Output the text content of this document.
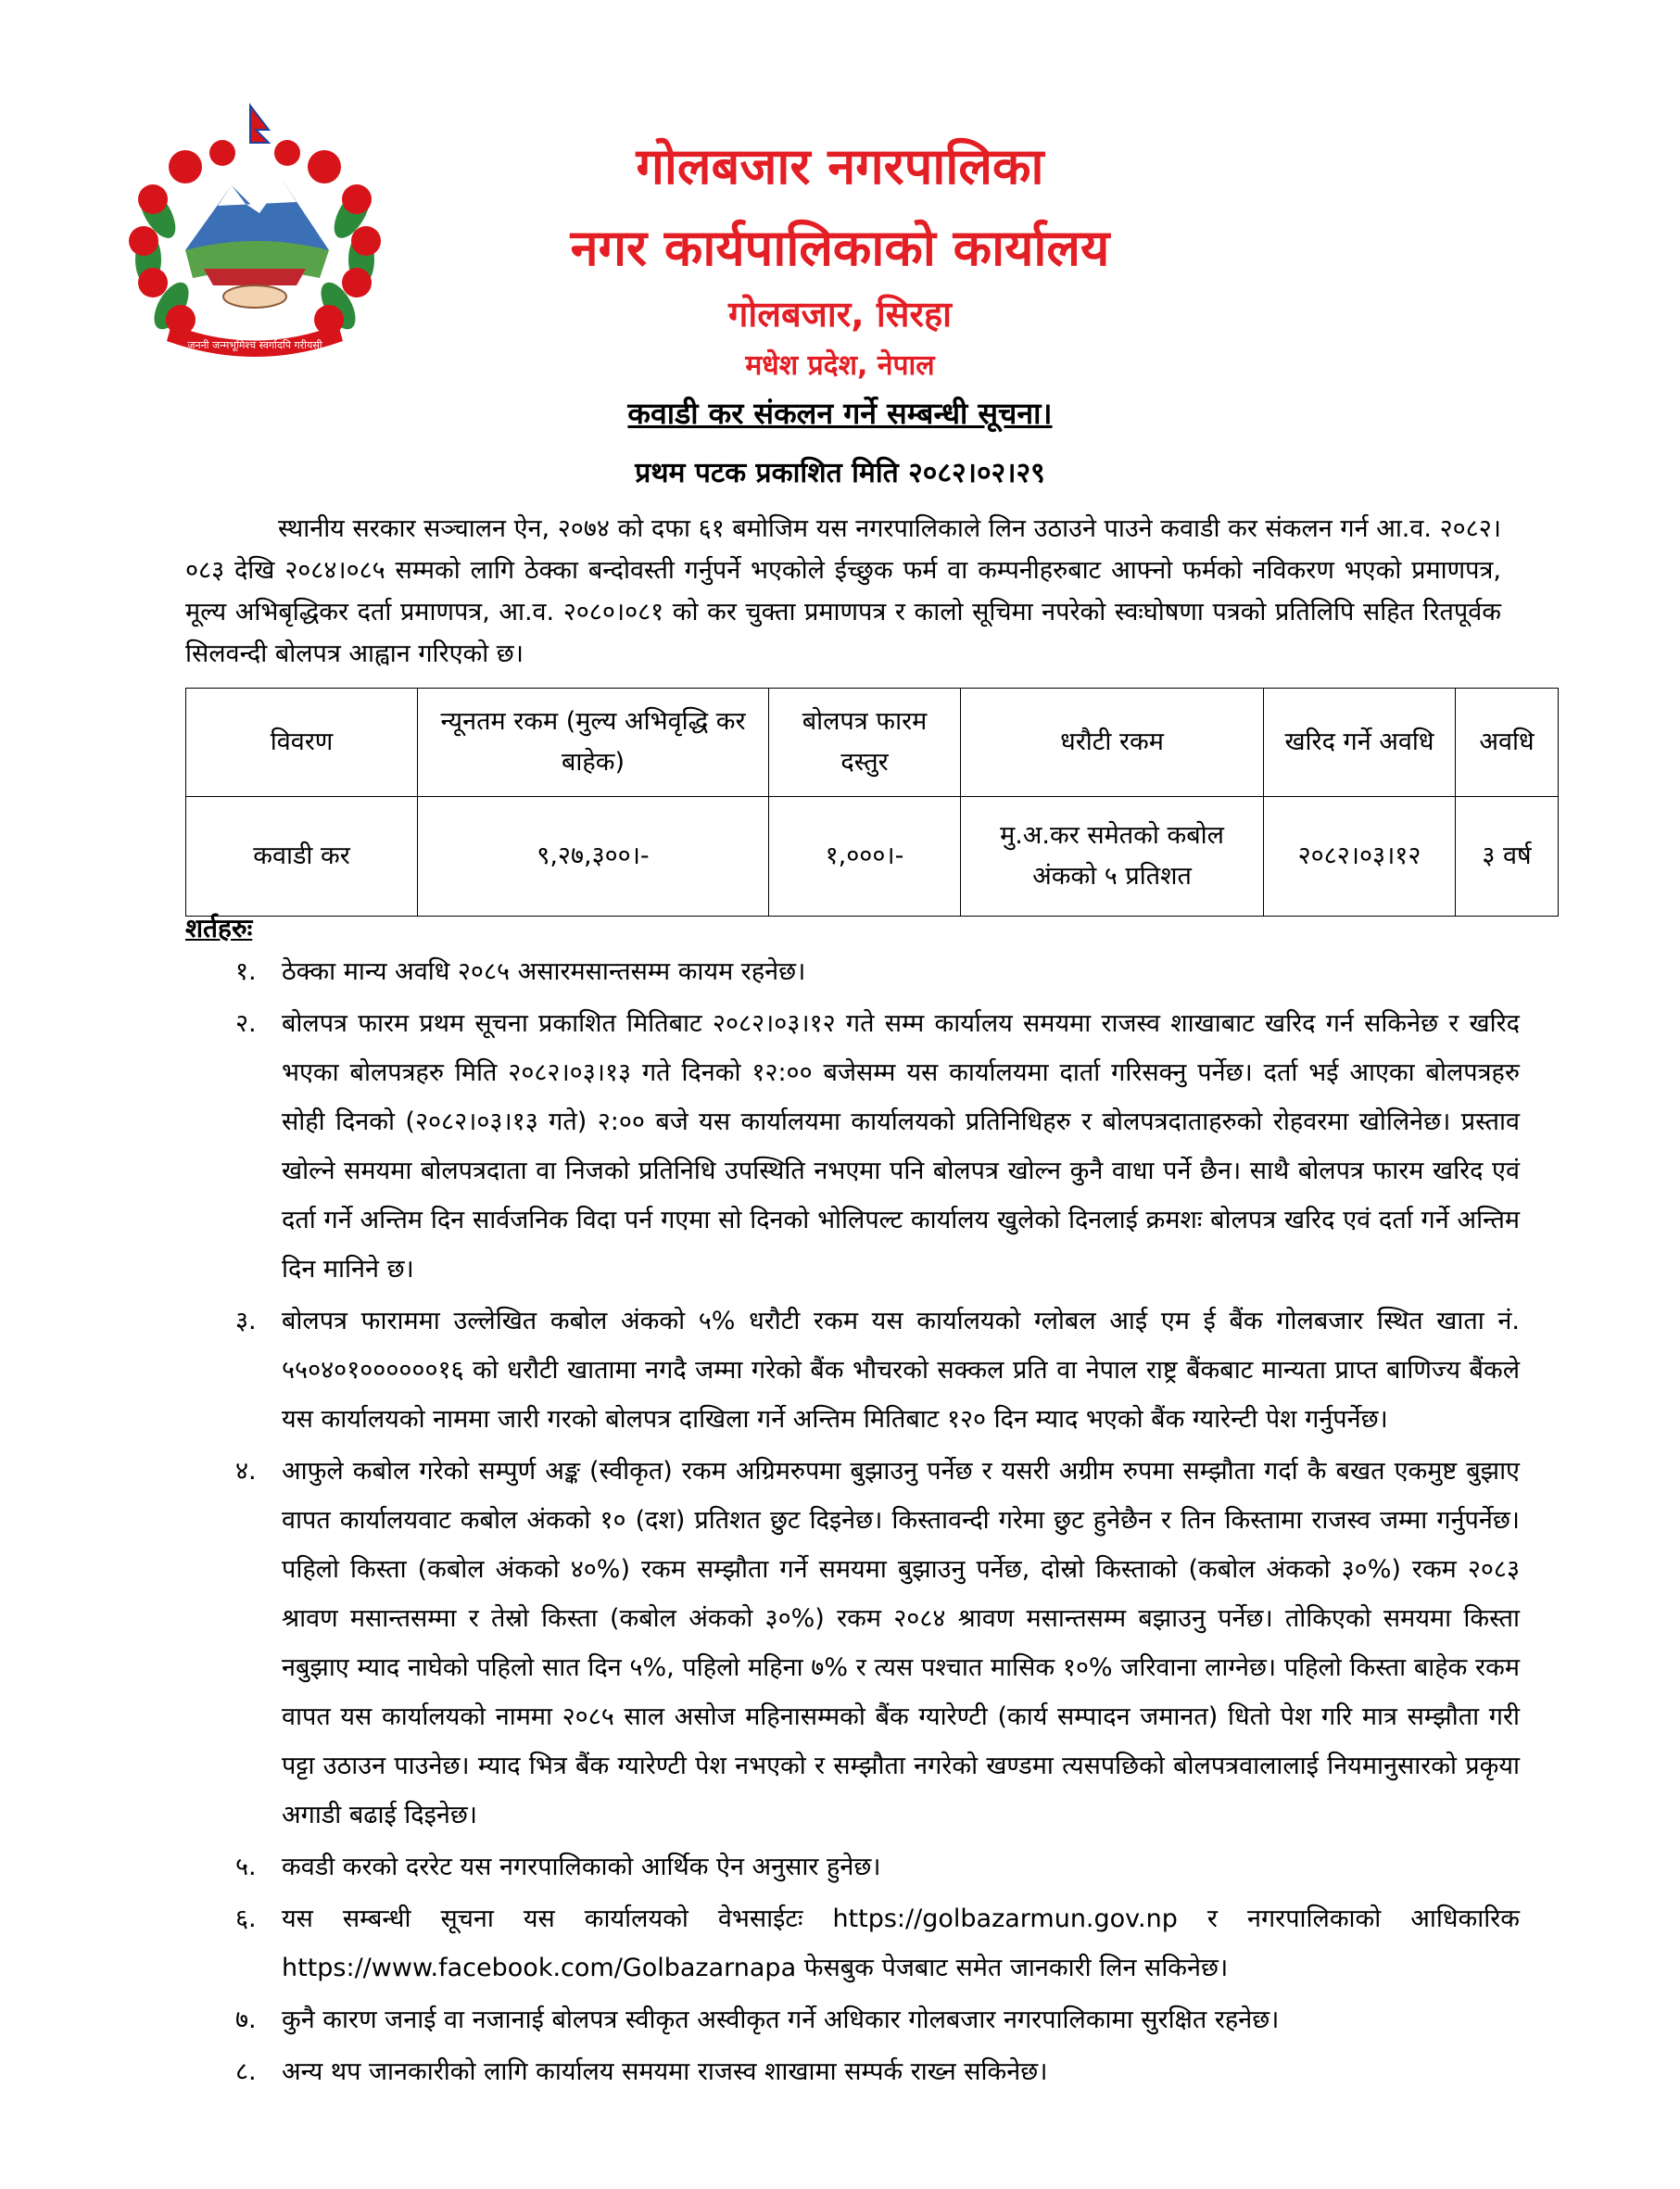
जननी जन्मभूमिश्च स्वर्गादपि गरीयसी
गोलबजार नगरपालिका
नगर कार्यपालिकाको कार्यालय
गोलबजार, सिरहा
मधेश प्रदेश, नेपाल
कवाडी कर संकलन गर्ने सम्बन्धी सूचना।
प्रथम पटक प्रकाशित मिति २०८२।०२।२९

स्थानीय सरकार सञ्चालन ऐन, २०७४ को दफा ६१ बमोजिम यस नगरपालिकाले लिन उठाउने पाउने कवाडी कर संकलन गर्न आ.व. २०८२।०८३ देखि २०८४।०८५ सम्मको लागि ठेक्का बन्दोवस्ती गर्नुपर्ने भएकोले ईच्छुक फर्म वा कम्पनीहरुबाट आफ्नो फर्मको नविकरण भएको प्रमाणपत्र, मूल्य अभिबृद्धिकर दर्ता प्रमाणपत्र, आ.व. २०८०।०८१ को कर चुक्ता प्रमाणपत्र र कालो सूचिमा नपरेको स्वःघोषणा पत्रको प्रतिलिपि सहित रितपूर्वक सिलवन्दी बोलपत्र आह्वान गरिएको छ।

विवरण	न्यूनतम रकम (मुल्य अभिवृद्धि कर बाहेक)	बोलपत्र फारम दस्तुर	धरौटी रकम	खरिद गर्ने अवधि	अवधि
कवाडी कर	९,२७,३००।-	१,०००।-	मु.अ.कर समेतको कबोल अंकको ५ प्रतिशत	२०८२।०३।१२	३ वर्ष
शर्तहरुः
१. ठेक्का मान्य अवधि २०८५ असारमसान्तसम्म कायम रहनेछ।
२. बोलपत्र फारम प्रथम सूचना प्रकाशित मितिबाट २०८२।०३।१२ गते सम्म कार्यालय समयमा राजस्व शाखाबाट खरिद गर्न सकिनेछ र खरिद भएका बोलपत्रहरु मिति २०८२।०३।१३ गते दिनको १२:०० बजेसम्म यस कार्यालयमा दार्ता गरिसक्नु पर्नेछ। दर्ता भई आएका बोलपत्रहरु सोही दिनको (२०८२।०३।१३ गते) २:०० बजे यस कार्यालयमा कार्यालयको प्रतिनिधिहरु र बोलपत्रदाताहरुको रोहवरमा खोलिनेछ। प्रस्ताव खोल्ने समयमा बोलपत्रदाता वा निजको प्रतिनिधि उपस्थिति नभएमा पनि बोलपत्र खोल्न कुनै वाधा पर्ने छैन। साथै बोलपत्र फारम खरिद एवं दर्ता गर्ने अन्तिम दिन सार्वजनिक विदा पर्न गएमा सो दिनको भोलिपल्ट कार्यालय खुलेको दिनलाई क्रमशः बोलपत्र खरिद एवं दर्ता गर्ने अन्तिम दिन मानिने छ।
३. बोलपत्र फाराममा उल्लेखित कबोल अंकको ५% धरौटी रकम यस कार्यालयको ग्लोबल आई एम ई बैंक गोलबजार स्थित खाता नं. ५५०४०१००००००१६ को धरौटी खातामा नगदै जम्मा गरेको बैंक भौचरको सक्कल प्रति वा नेपाल राष्ट्र बैंकबाट मान्यता प्राप्त बाणिज्य बैंकले यस कार्यालयको नाममा जारी गरको बोलपत्र दाखिला गर्ने अन्तिम मितिबाट १२० दिन म्याद भएको बैंक ग्यारेन्टी पेश गर्नुपर्नेछ।
४. आफुले कबोल गरेको सम्पुर्ण अङ्क (स्वीकृत) रकम अग्रिमरुपमा बुझाउनु पर्नेछ र यसरी अग्रीम रुपमा सम्झौता गर्दा कै बखत एकमुष्ट बुझाए वापत कार्यालयवाट कबोल अंकको १० (दश) प्रतिशत छुट दिइनेछ। किस्तावन्दी गरेमा छुट हुनेछैन र तिन किस्तामा राजस्व जम्मा गर्नुपर्नेछ। पहिलो किस्ता (कबोल अंकको ४०%) रकम सम्झौता गर्ने समयमा बुझाउनु पर्नेछ, दोस्रो किस्ताको (कबोल अंकको ३०%) रकम २०८३ श्रावण मसान्तसम्मा र तेस्रो किस्ता (कबोल अंकको ३०%) रकम २०८४ श्रावण मसान्तसम्म बझाउनु पर्नेछ। तोकिएको समयमा किस्ता नबुझाए म्याद नाघेको पहिलो सात दिन ५%, पहिलो महिना ७% र त्यस पश्चात मासिक १०% जरिवाना लाग्नेछ। पहिलो किस्ता बाहेक रकम वापत यस कार्यालयको नाममा २०८५ साल असोज महिनासम्मको बैंक ग्यारेण्टी (कार्य सम्पादन जमानत) धितो पेश गरि मात्र सम्झौता गरी पट्टा उठाउन पाउनेछ। म्याद भित्र बैंक ग्यारेण्टी पेश नभएको र सम्झौता नगरेको खण्डमा त्यसपछिको बोलपत्रवालालाई नियमानुसारको प्रकृया अगाडी बढाई दिइनेछ।
५. कवडी करको दररेट यस नगरपालिकाको आर्थिक ऐन अनुसार हुनेछ।
६. यस सम्बन्धी सूचना यस कार्यालयको वेभसाईटः https://golbazarmun.gov.np र नगरपालिकाको आधिकारिक https://www.facebook.com/Golbazarnapa फेसबुक पेजबाट समेत जानकारी लिन सकिनेछ।
७. कुनै कारण जनाई वा नजानाई बोलपत्र स्वीकृत अस्वीकृत गर्ने अधिकार गोलबजार नगरपालिकामा सुरक्षित रहनेछ।
८. अन्य थप जानकारीको लागि कार्यालय समयमा राजस्व शाखामा सम्पर्क राख्न सकिनेछ।
